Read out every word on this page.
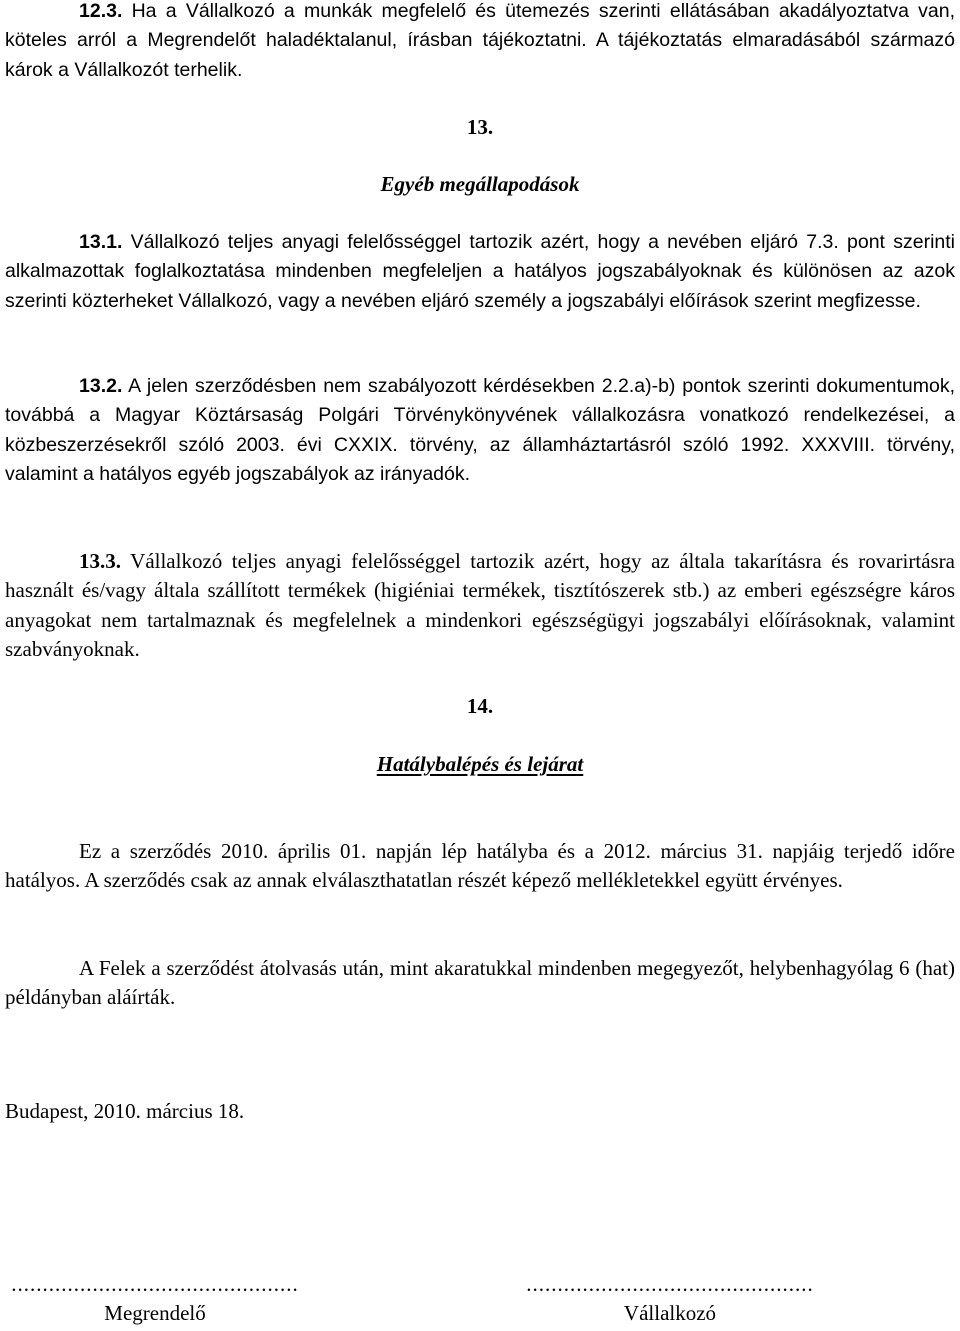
12.3. Ha a Vállalkozó a munkák megfelelő és ütemezés szerinti ellátásában akadályoztatva van, köteles arról a Megrendelőt haladéktalanul, írásban tájékoztatni. A tájékoztatás elmaradásából származó károk a Vállalkozót terhelik.

13.

Egyéb megállapodások

13.1. Vállalkozó teljes anyagi felelősséggel tartozik azért, hogy a nevében eljáró 7.3. pont szerinti alkalmazottak foglalkoztatása mindenben megfeleljen a hatályos jogszabályoknak és különösen az azok szerinti közterheket Vállalkozó, vagy a nevében eljáró személy a jogszabályi előírások szerint megfizesse.

13.2. A jelen szerződésben nem szabályozott kérdésekben 2.2.a)-b) pontok szerinti dokumentumok, továbbá a Magyar Köztársaság Polgári Törvénykönyvének vállalkozásra vonatkozó rendelkezései, a közbeszerzésekről szóló 2003. évi CXXIX. törvény, az államháztartásról szóló 1992. XXXVIII. törvény, valamint a hatályos egyéb jogszabályok az irányadók.

13.3. Vállalkozó teljes anyagi felelősséggel tartozik azért, hogy az általa takarításra és rovarirtásra használt és/vagy általa szállított termékek (higiéniai termékek, tisztítószerek stb.) az emberi egészségre káros anyagokat nem tartalmaznak és megfelelnek a mindenkori egészségügyi jogszabályi előírásoknak, valamint szabványoknak.

14.

Hatálybalépés és lejárat

Ez a szerződés 2010. április 01. napján lép hatályba és a 2012. március 31. napjáig terjedő időre hatályos. A szerződés csak az annak elválaszthatatlan részét képező mellékletekkel együtt érvényes.

A Felek a szerződést átolvasás után, mint akaratukkal mindenben megegyezőt, helybenhagyólag 6 (hat) példányban aláírták.

Budapest, 2010. március 18.

..............................................
Megrendelő
..............................................
Vállalkozó
